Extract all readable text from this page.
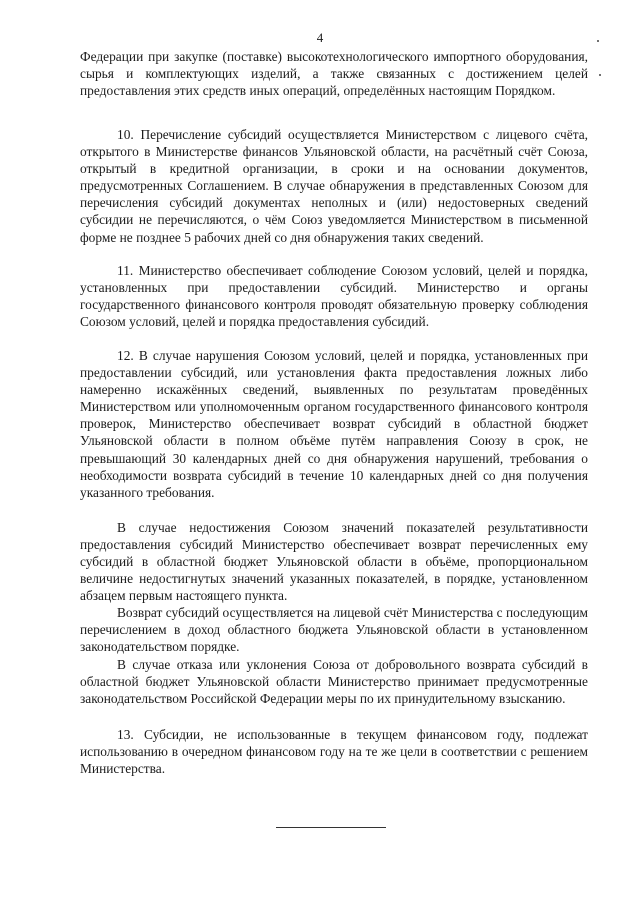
4

Федерации при закупке (поставке) высокотехнологического импортного оборудования, сырья и комплектующих изделий, а также связанных с достижением целей предоставления этих средств иных операций, определённых настоящим Порядком.

10. Перечисление субсидий осуществляется Министерством с лицевого счёта, открытого в Министерстве финансов Ульяновской области, на расчётный счёт Союза, открытый в кредитной организации, в сроки и на основании документов, предусмотренных Соглашением. В случае обнаружения в представленных Союзом для перечисления субсидий документах неполных и (или) недостоверных сведений субсидии не перечисляются, о чём Союз уведомляется Министерством в письменной форме не позднее 5 рабочих дней со дня обнаружения таких сведений.

11. Министерство обеспечивает соблюдение Союзом условий, целей и порядка, установленных при предоставлении субсидий. Министерство и органы государственного финансового контроля проводят обязательную проверку соблюдения Союзом условий, целей и порядка предоставления субсидий.

12. В случае нарушения Союзом условий, целей и порядка, установленных при предоставлении субсидий, или установления факта предоставления ложных либо намеренно искажённых сведений, выявленных по результатам проведённых Министерством или уполномоченным органом государственного финансового контроля проверок, Министерство обеспечивает возврат субсидий в областной бюджет Ульяновской области в полном объёме путём направления Союзу в срок, не превышающий 30 календарных дней со дня обнаружения нарушений, требования о необходимости возврата субсидий в течение 10 календарных дней со дня получения указанного требования.

В случае недостижения Союзом значений показателей результативности предоставления субсидий Министерство обеспечивает возврат перечисленных ему субсидий в областной бюджет Ульяновской области в объёме, пропорциональном величине недостигнутых значений указанных показателей, в порядке, установленном абзацем первым настоящего пункта.

Возврат субсидий осуществляется на лицевой счёт Министерства с последующим перечислением в доход областного бюджета Ульяновской области в установленном законодательством порядке.

В случае отказа или уклонения Союза от добровольного возврата субсидий в областной бюджет Ульяновской области Министерство принимает предусмотренные законодательством Российской Федерации меры по их принудительному взысканию.

13. Субсидии, не использованные в текущем финансовом году, подлежат использованию в очередном финансовом году на те же цели в соответствии с решением Министерства.
